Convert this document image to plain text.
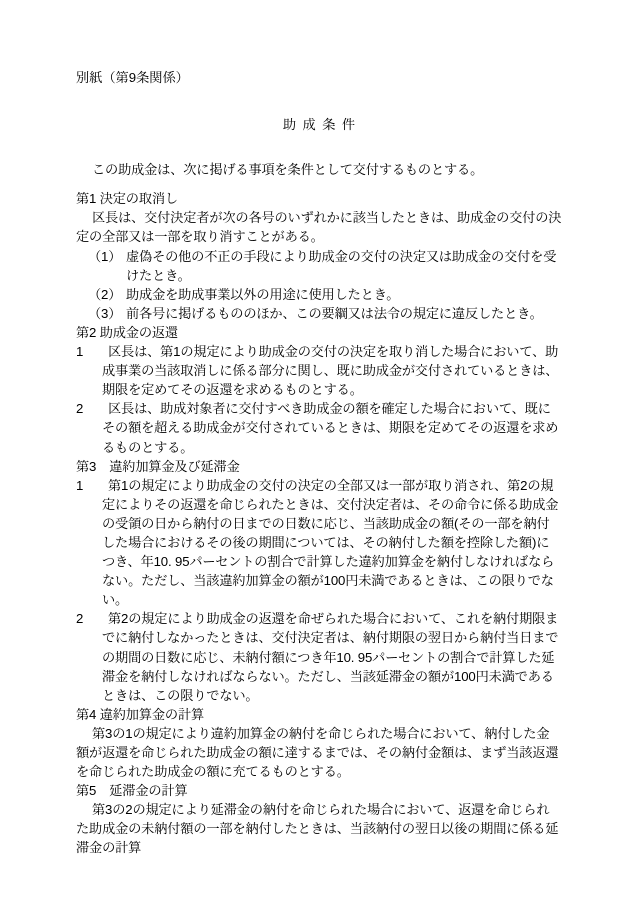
別紙（第9条関係）
助成条件
この助成金は、次に掲げる事項を条件として交付するものとする。
第1 決定の取消し
区長は、交付決定者が次の各号のいずれかに該当したときは、助成金の交付の決定の全部又は一部を取り消すことがある。
（1） 虚偽その他の不正の手段により助成金の交付の決定又は助成金の交付を受けたとき。
（2） 助成金を助成事業以外の用途に使用したとき。
（3） 前各号に掲げるもののほか、この要綱又は法令の規定に違反したとき。
第2 助成金の返還
1	区長は、第1の規定により助成金の交付の決定を取り消した場合において、助成事業の当該取消しに係る部分に関し、既に助成金が交付されているときは、期限を定めてその返還を求めるものとする。
2	区長は、助成対象者に交付すべき助成金の額を確定した場合において、既にその額を超える助成金が交付されているときは、期限を定めてその返還を求めるものとする。
第3　違約加算金及び延滞金
1	第1の規定により助成金の交付の決定の全部又は一部が取り消され、第2の規定によりその返還を命じられたときは、交付決定者は、その命令に係る助成金の受領の日から納付の日までの日数に応じ、当該助成金の額(その一部を納付した場合におけるその後の期間については、その納付した額を控除した額)につき、年10. 95パーセントの割合で計算した違約加算金を納付しなければならない。ただし、当該違約加算金の額が100円未満であるときは、この限りでない。
2	第2の規定により助成金の返還を命ぜられた場合において、これを納付期限までに納付しなかったときは、交付決定者は、納付期限の翌日から納付当日までの期間の日数に応じ、未納付額につき年10. 95パーセントの割合で計算した延滞金を納付しなければならない。ただし、当該延滞金の額が100円未満であるときは、この限りでない。
第4 違約加算金の計算
第3の1の規定により違約加算金の納付を命じられた場合において、納付した金額が返還を命じられた助成金の額に達するまでは、その納付金額は、まず当該返還を命じられた助成金の額に充てるものとする。
第5　延滞金の計算
第3の2の規定により延滞金の納付を命じられた場合において、返還を命じられた助成金の未納付額の一部を納付したときは、当該納付の翌日以後の期間に係る延滞金の計算
